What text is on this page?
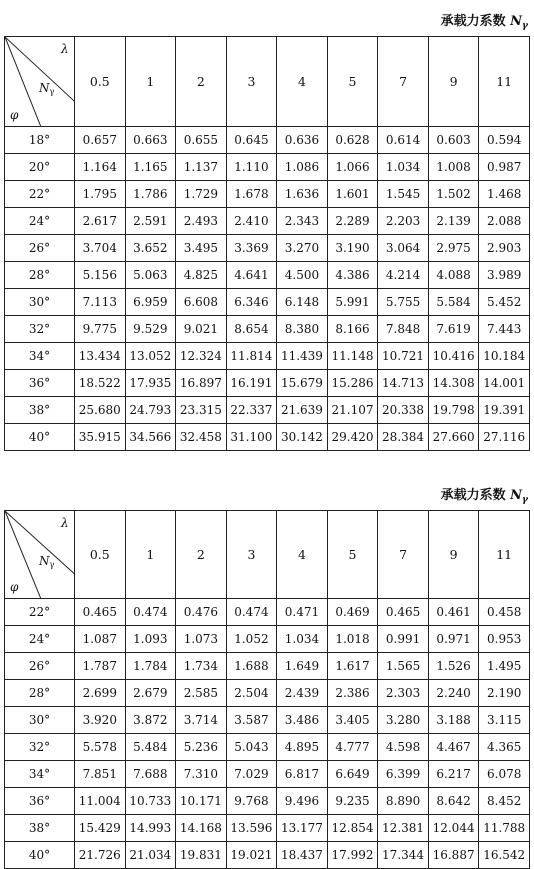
承载力系数 $N_\gamma$
λ
$N_\gamma$
φ	0.5	1	2	3	4	5	7	9	11
18°	0.657	0.663	0.655	0.645	0.636	0.628	0.614	0.603	0.594
20°	1.164	1.165	1.137	1.110	1.086	1.066	1.034	1.008	0.987
22°	1.795	1.786	1.729	1.678	1.636	1.601	1.545	1.502	1.468
24°	2.617	2.591	2.493	2.410	2.343	2.289	2.203	2.139	2.088
26°	3.704	3.652	3.495	3.369	3.270	3.190	3.064	2.975	2.903
28°	5.156	5.063	4.825	4.641	4.500	4.386	4.214	4.088	3.989
30°	7.113	6.959	6.608	6.346	6.148	5.991	5.755	5.584	5.452
32°	9.775	9.529	9.021	8.654	8.380	8.166	7.848	7.619	7.443
34°	13.434	13.052	12.324	11.814	11.439	11.148	10.721	10.416	10.184
36°	18.522	17.935	16.897	16.191	15.679	15.286	14.713	14.308	14.001
38°	25.680	24.793	23.315	22.337	21.639	21.107	20.338	19.798	19.391
40°	35.915	34.566	32.458	31.100	30.142	29.420	28.384	27.660	27.116
承载力系数 $N_\gamma$
λ
$N_\gamma$
φ	0.5	1	2	3	4	5	7	9	11
22°	0.465	0.474	0.476	0.474	0.471	0.469	0.465	0.461	0.458
24°	1.087	1.093	1.073	1.052	1.034	1.018	0.991	0.971	0.953
26°	1.787	1.784	1.734	1.688	1.649	1.617	1.565	1.526	1.495
28°	2.699	2.679	2.585	2.504	2.439	2.386	2.303	2.240	2.190
30°	3.920	3.872	3.714	3.587	3.486	3.405	3.280	3.188	3.115
32°	5.578	5.484	5.236	5.043	4.895	4.777	4.598	4.467	4.365
34°	7.851	7.688	7.310	7.029	6.817	6.649	6.399	6.217	6.078
36°	11.004	10.733	10.171	9.768	9.496	9.235	8.890	8.642	8.452
38°	15.429	14.993	14.168	13.596	13.177	12.854	12.381	12.044	11.788
40°	21.726	21.034	19.831	19.021	18.437	17.992	17.344	16.887	16.542
